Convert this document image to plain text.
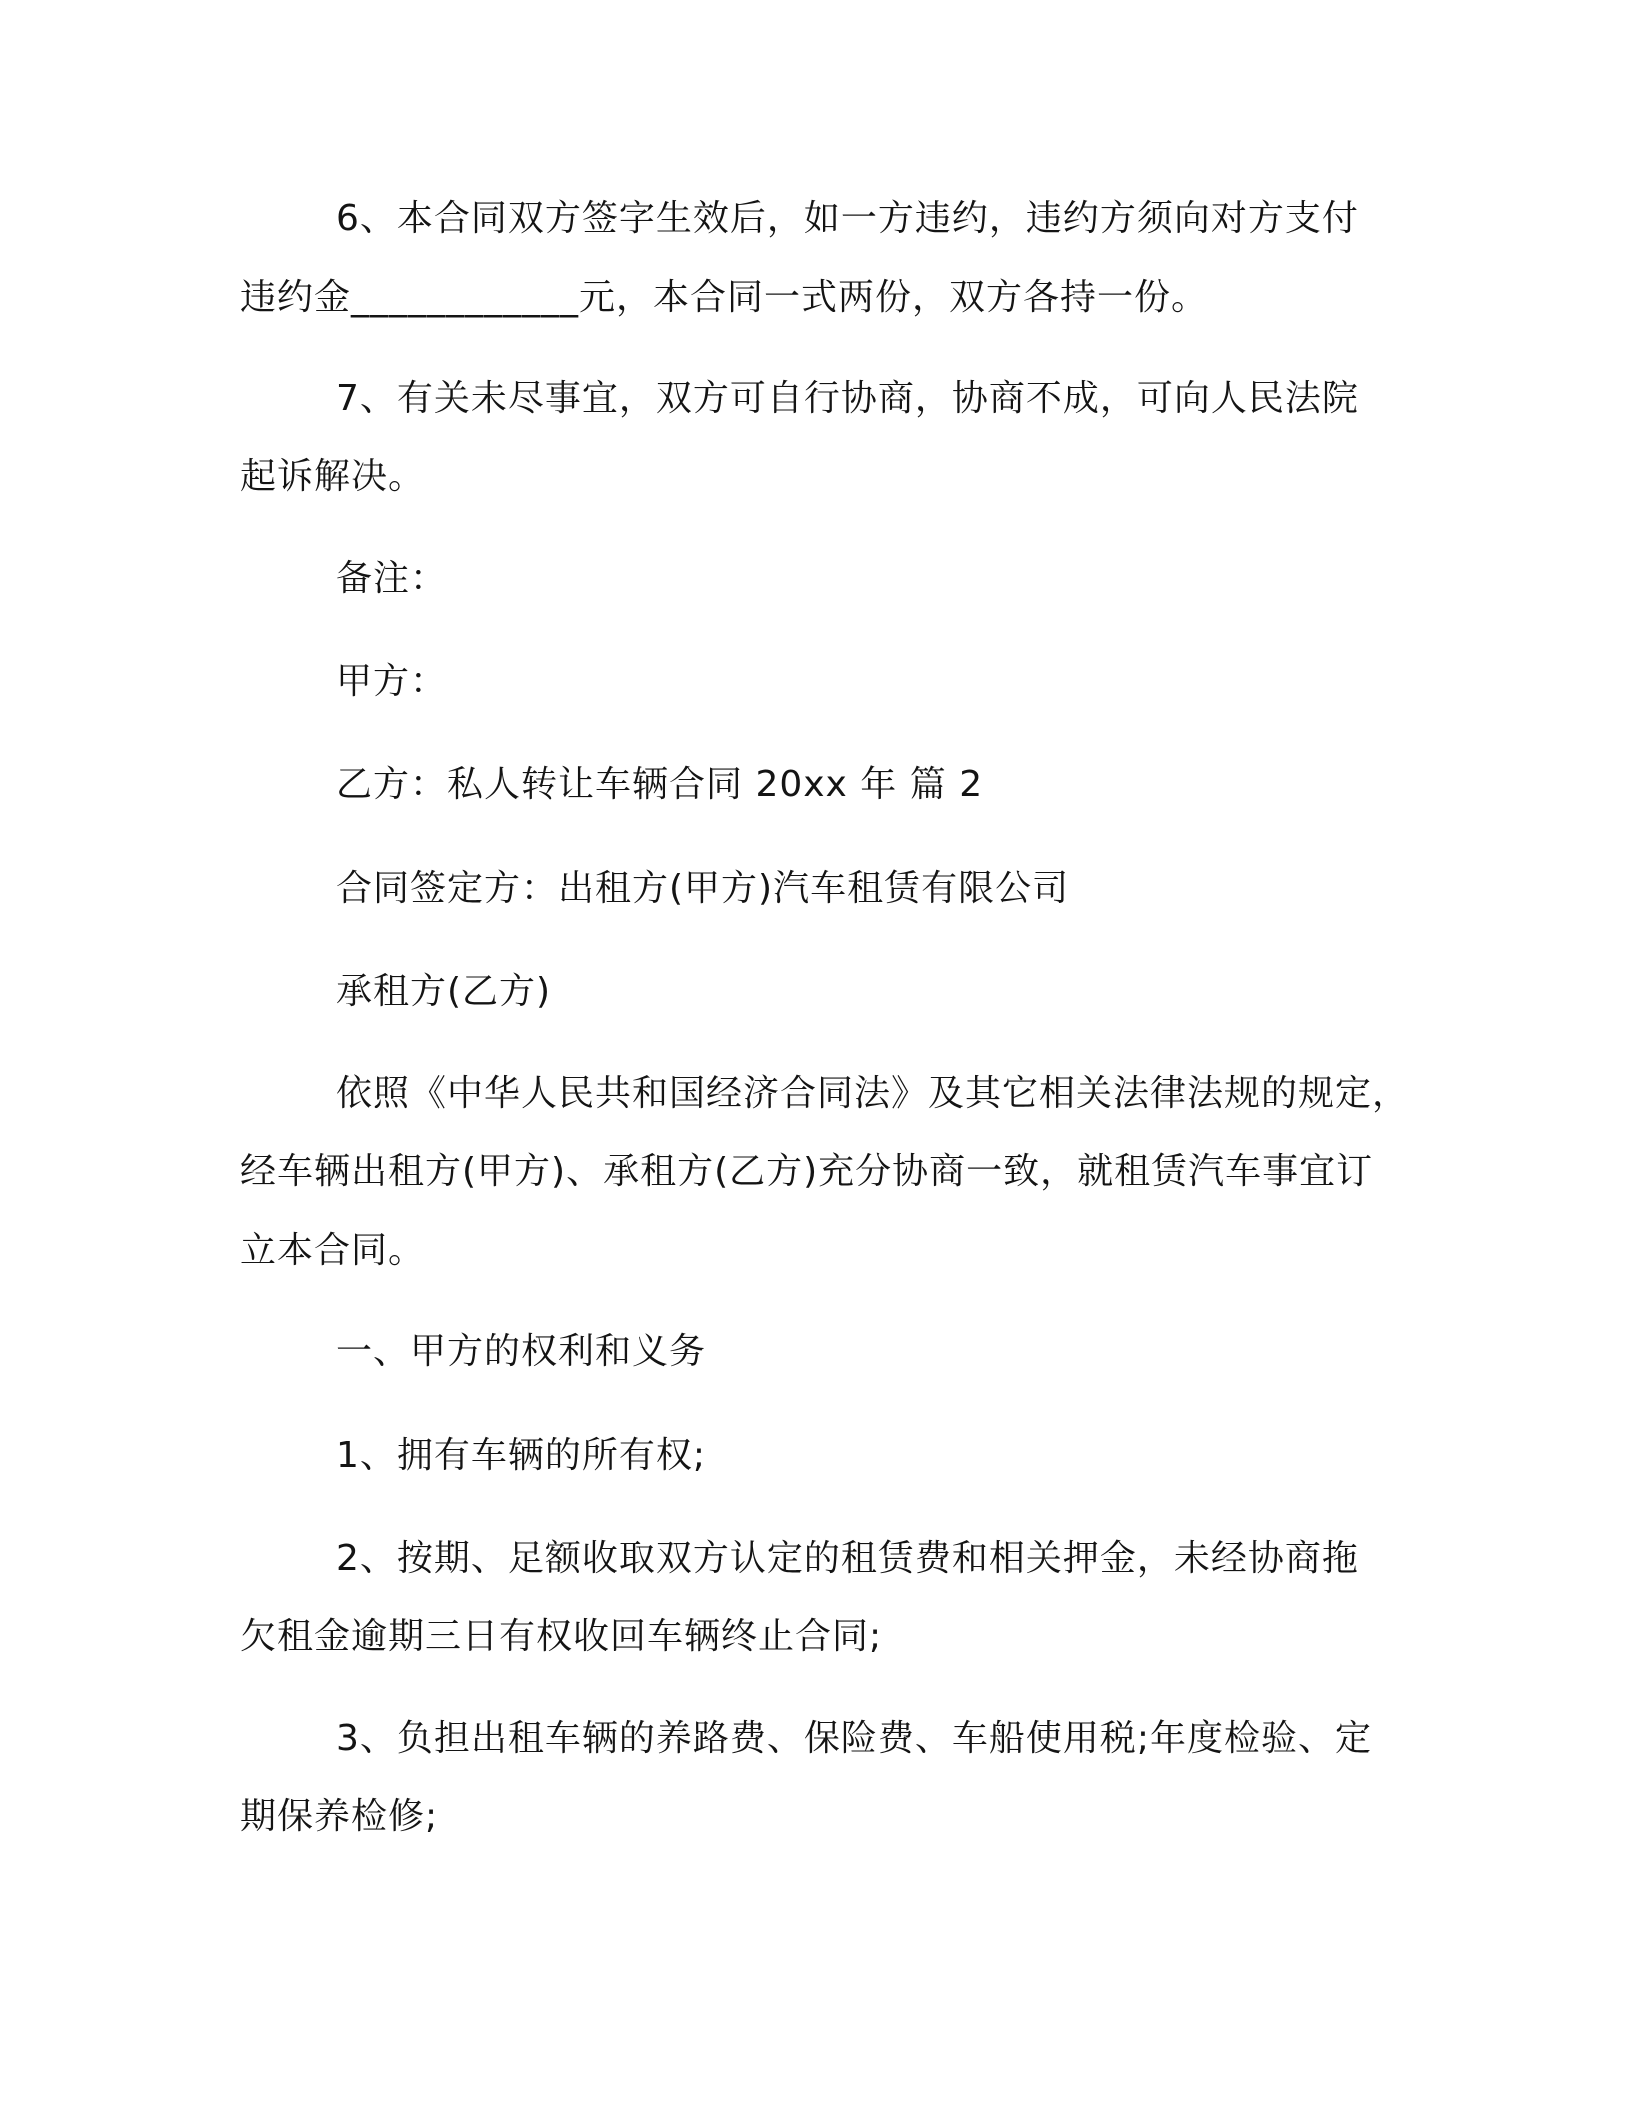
6、本合同双方签字生效后，如一方违约，违约方须向对方支付
违约金____________元，本合同一式两份，双方各持一份。
7、有关未尽事宜，双方可自行协商，协商不成，可向人民法院
起诉解决。
备注：
甲方：
乙方：私人转让车辆合同 20xx 年 篇 2
合同签定方：出租方(甲方)汽车租赁有限公司
承租方(乙方)
依照《中华人民共和国经济合同法》及其它相关法律法规的规定，
经车辆出租方(甲方)、承租方(乙方)充分协商一致，就租赁汽车事宜订
立本合同。
一、甲方的权利和义务
1、拥有车辆的所有权;
2、按期、足额收取双方认定的租赁费和相关押金，未经协商拖
欠租金逾期三日有权收回车辆终止合同;
3、负担出租车辆的养路费、保险费、车船使用税;年度检验、定
期保养检修;
